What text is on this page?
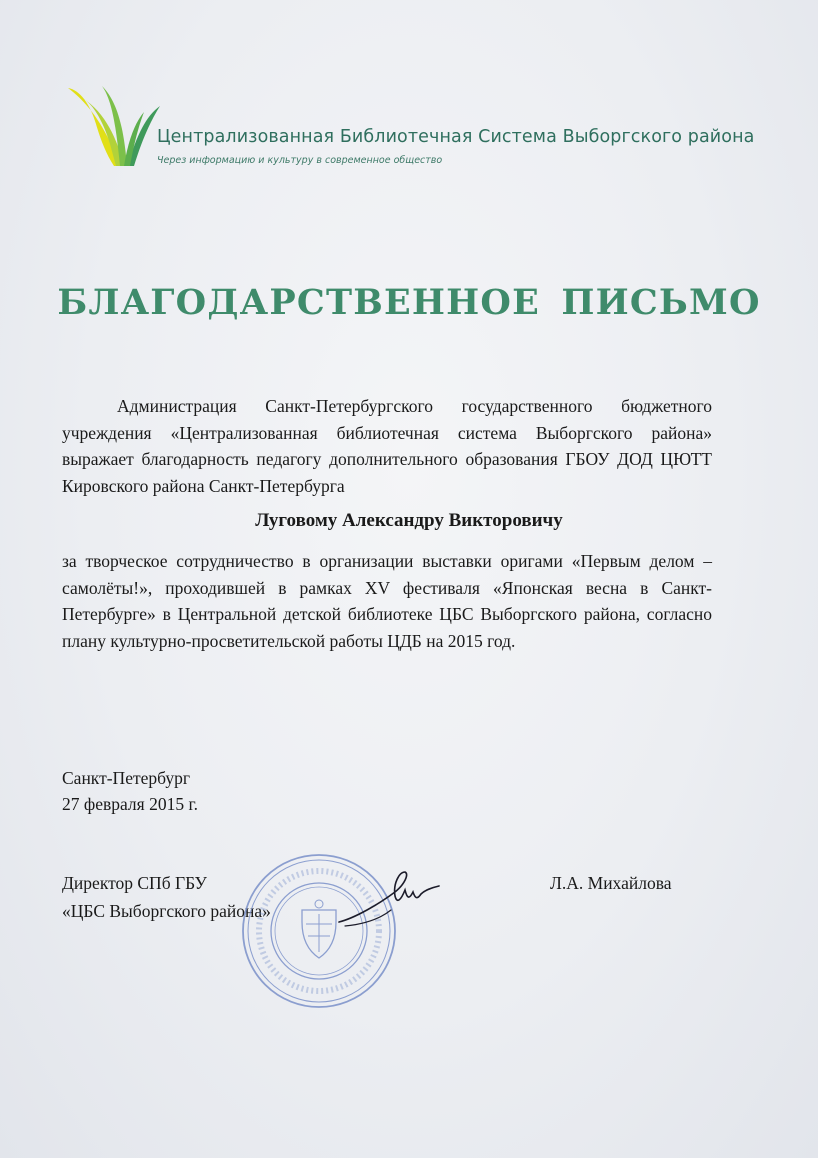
Централизованная Библиотечная Система Выборгского района
Через информацию и культуру в современное общество
БЛАГОДАРСТВЕННОЕ ПИСЬМО
Администрация Санкт-Петербургского государственного бюджетного учреждения «Централизованная библиотечная система Выборгского района» выражает благодарность педагогу дополнительного образования ГБОУ ДОД ЦЮТТ Кировского района Санкт-Петербурга
Луговому Александру Викторовичу
за творческое сотрудничество в организации выставки оригами «Первым делом – самолёты!», проходившей в рамках XV фестиваля «Японская весна в Санкт-Петербурге» в Центральной детской библиотеке ЦБС Выборгского района, согласно плану культурно-просветительской работы ЦДБ на 2015 год.
Санкт-Петербург
27 февраля 2015 г.
Директор СПб ГБУ
«ЦБС Выборгского района»
Л.А. Михайлова
